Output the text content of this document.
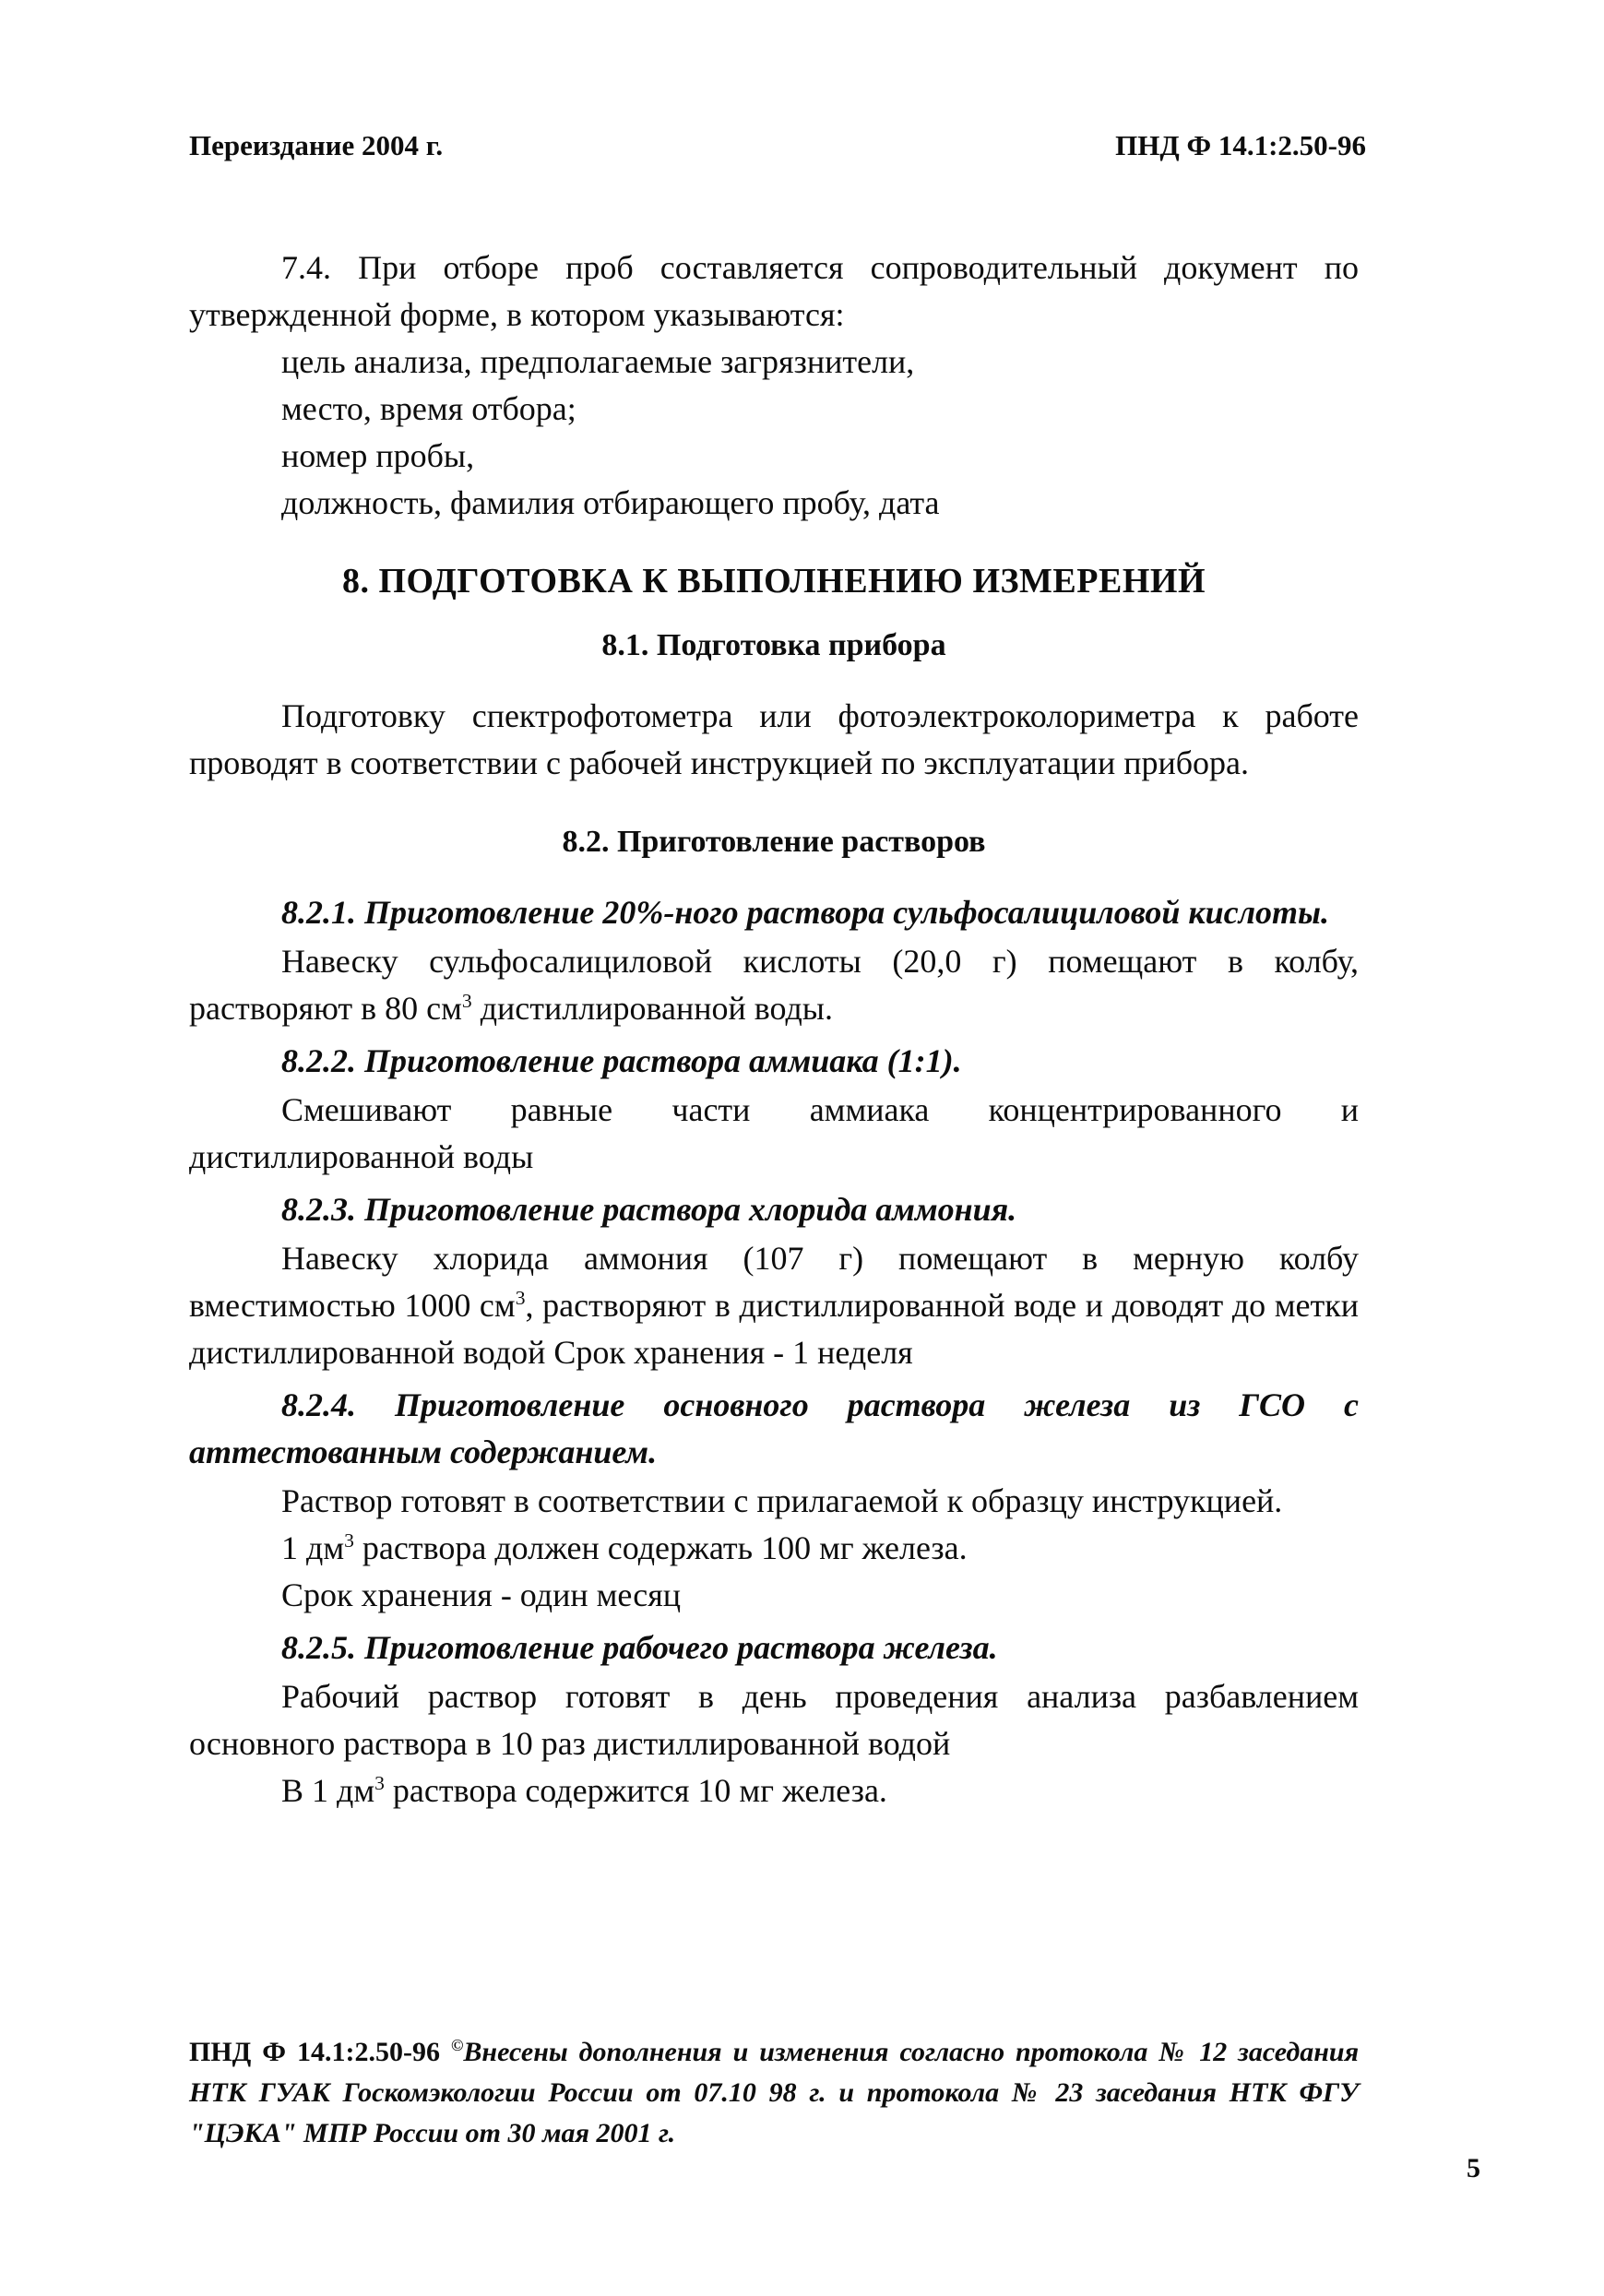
Переиздание 2004 г.	ПНД Ф 14.1:2.50-96

7.4. При отборе проб составляется сопроводительный документ по утвержденной форме, в котором указываются:

цель анализа, предполагаемые загрязнители,
место, время отбора;
номер пробы,
должность, фамилия отбирающего пробу, дата
8. ПОДГОТОВКА К ВЫПОЛНЕНИЮ ИЗМЕРЕНИЙ
8.1. Подготовка прибора

Подготовку спектрофотометра или фотоэлектроколориметра к работе проводят в соответствии с рабочей инструкцией по эксплуатации прибора.

8.2. Приготовление растворов

8.2.1. Приготовление 20%-ного раствора сульфосалициловой кислоты.

Навеску сульфосалициловой кислоты (20,0 г) помещают в колбу, растворяют в 80 $см^3$ дистиллированной воды.

8.2.2. Приготовление раствора аммиака (1:1).

Смешивают равные части аммиака концентрированного и дистиллированной воды

8.2.3. Приготовление раствора хлорида аммония.

Навеску хлорида аммония (107 г) помещают в мерную колбу вместимостью 1000 $см^3$, растворяют в дистиллированной воде и доводят до метки дистиллированной водой Срок хранения - 1 неделя

8.2.4. Приготовление основного раствора железа из ГСО с аттестованным содержанием.

Раствор готовят в соответствии с прилагаемой к образцу инструкцией.

1 $дм^3$ раствора должен содержать 100 мг железа.

Срок хранения - один месяц

8.2.5. Приготовление рабочего раствора железа.

Рабочий раствор готовят в день проведения анализа разбавлением основного раствора в 10 раз дистиллированной водой

В 1 $дм^3$ раствора содержится 10 мг железа.

ПНД Ф 14.1:2.50-96 ©Внесены дополнения и изменения согласно протокола № 12 заседания НТК ГУАК Госкомэкологии России от 07.10 98 г. и протокола № 23 заседания НТК ФГУ "ЦЭКА" МПР России от 30 мая 2001 г.
5
